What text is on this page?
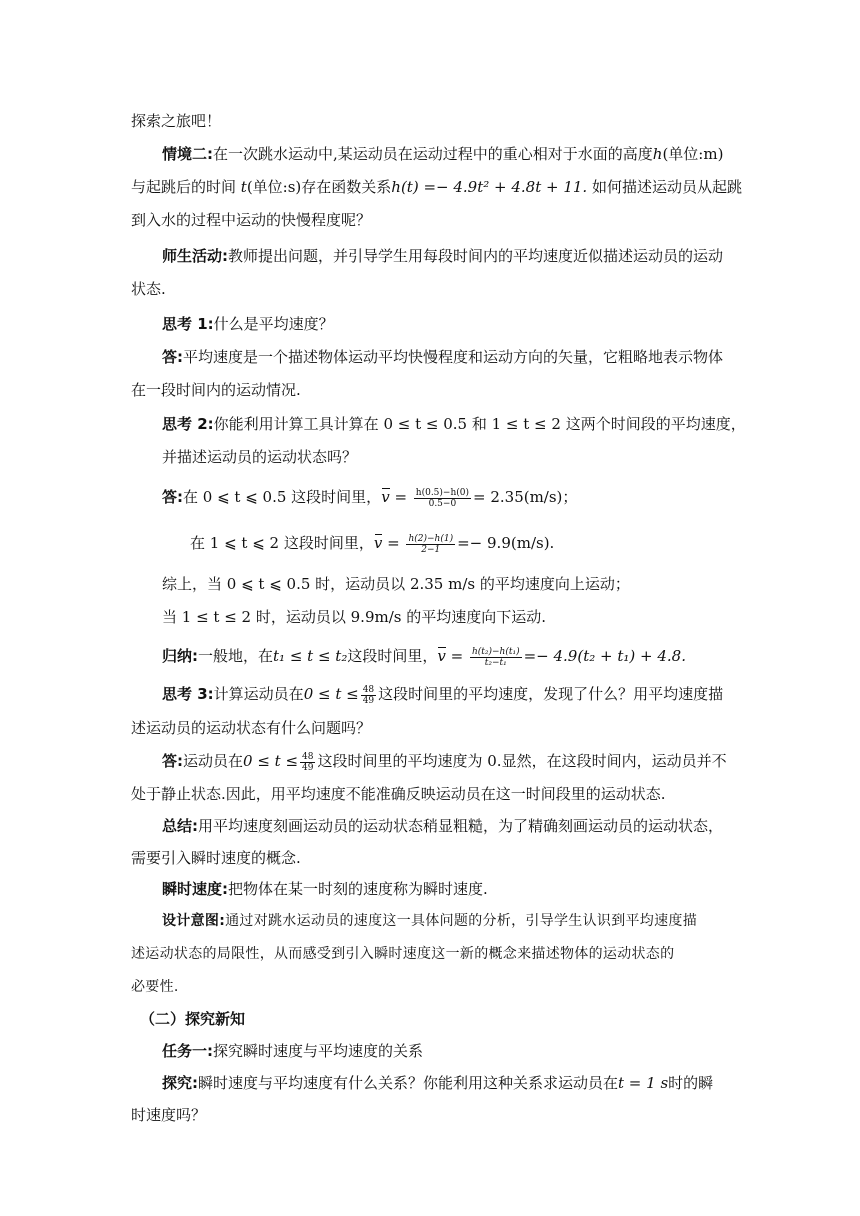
探索之旅吧！
情境二:在一次跳水运动中,某运动员在运动过程中的重心相对于水面的高度h(单位:m)
与起跳后的时间 t(单位:s)存在函数关系h(t) =− 4.9t² + 4.8t + 11. 如何描述运动员从起跳
到入水的过程中运动的快慢程度呢？
师生活动:教师提出问题，并引导学生用每段时间内的平均速度近似描述运动员的运动
状态.
思考 1:什么是平均速度？
答:平均速度是一个描述物体运动平均快慢程度和运动方向的矢量，它粗略地表示物体
在一段时间内的运动情况.
思考 2:你能利用计算工具计算在 0 ≤ t ≤ 0.5 和 1 ≤ t ≤ 2 这两个时间段的平均速度，
并描述运动员的运动状态吗？
答:在 0 ⩽ t ⩽ 0.5 这段时间里，$v = \frac{h(0.5)-h(0)}{0.5-0} = 2.35(m/s)$；
在 1 ⩽ t ⩽ 2 这段时间里，$v = \frac{h(2)-h(1)}{2-1} =- 9.9(m/s)$.
综上，当 0 ⩽ t ⩽ 0.5 时，运动员以 2.35 m/s 的平均速度向上运动；
当 1 ≤ t ≤ 2 时，运动员以 9.9m/s 的平均速度向下运动.
归纳:一般地，在t₁ ≤ t ≤ t₂这段时间里，$v = \frac{\text{h(t₂)−h(t₁)}}{\text{t₂−t₁}} =- 4.9(t_2 + t_1) + 4.8$.
思考 3:计算运动员在$0 \le t \le \frac{48}{49}$ 这段时间里的平均速度，发现了什么？用平均速度描
述运动员的运动状态有什么问题吗？
答:运动员在$0 \le t \le \frac{48}{49}$ 这段时间里的平均速度为 0.显然，在这段时间内，运动员并不
处于静止状态.因此，用平均速度不能准确反映运动员在这一时间段里的运动状态.
总结:用平均速度刻画运动员的运动状态稍显粗糙，为了精确刻画运动员的运动状态，
需要引入瞬时速度的概念.
瞬时速度:把物体在某一时刻的速度称为瞬时速度.
设计意图:通过对跳水运动员的速度这一具体问题的分析，引导学生认识到平均速度描
述运动状态的局限性，从而感受到引入瞬时速度这一新的概念来描述物体的运动状态的
必要性.
（二）探究新知
任务一:探究瞬时速度与平均速度的关系
探究:瞬时速度与平均速度有什么关系？你能利用这种关系求运动员在t = 1 s时的瞬
时速度吗？
